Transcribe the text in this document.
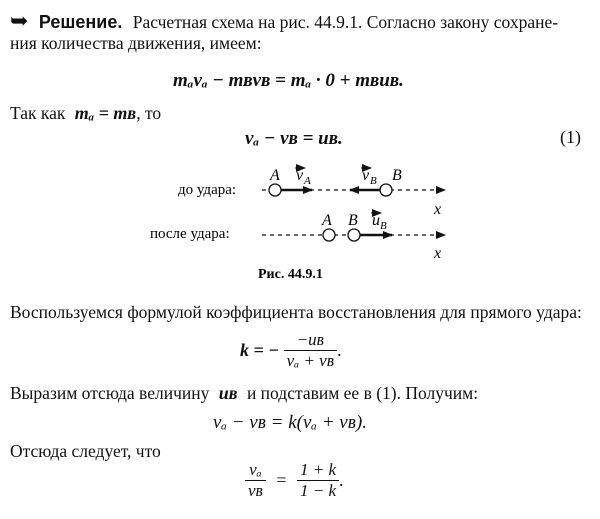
➥ Решение. Расчетная схема на рис. 44.9.1. Согласно закону сохране-
ния количества движения, имеем:
mₐvₐ − mʙvʙ = mₐ · 0 + mʙuʙ.
Так как mₐ = mʙ, то
vₐ − vʙ = uʙ.	(1)
до удара:
A v A	v B B
x
после удара:
A B u B
x
Рис. 44.9.1
Воспользуемся формулой коэффициента восстановления для прямого удара:
k = − $\frac{\text{−uʙ}}{\text{vₐ + vʙ}}$ .
Выразим отсюда величину uʙ и подставим ее в (1). Получим:
vₐ − vʙ = k(vₐ + vʙ).
Отсюда следует, что
$\frac{\text{vₐ}}{\text{vʙ}} = \frac{1 + k}{1 - k}$ .
